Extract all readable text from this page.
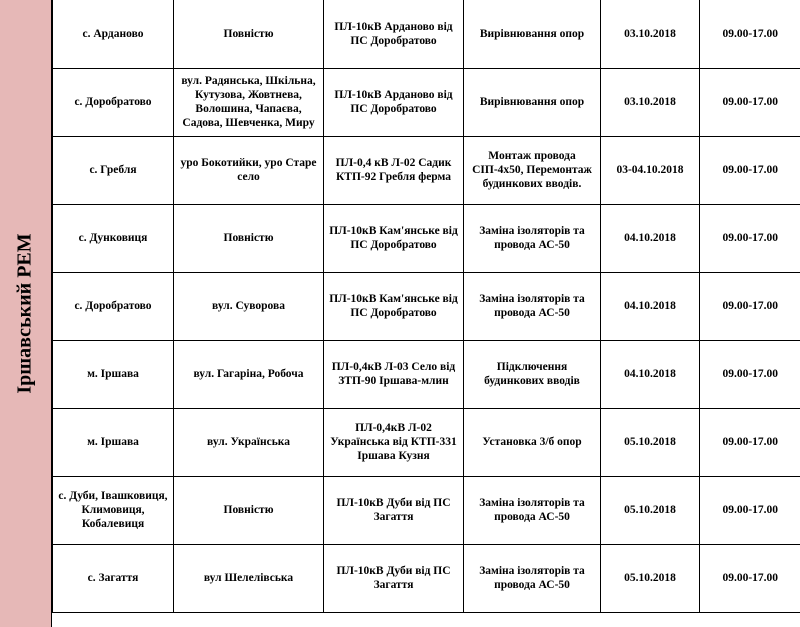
Іршавський РЕМ
с. Арданово	Повністю	ПЛ-10кВ Арданово від ПС Доробратово	Вирівнювання опор	03.10.2018	09.00-17.00
с. Доробратово	вул. Радянська, Шкільна, Кутузова, Жовтнева, Волошина, Чапаєва, Садова, Шевченка, Миру	ПЛ-10кВ Арданово від ПС Доробратово	Вирівнювання опор	03.10.2018	09.00-17.00
с. Гребля	уро Бокотийки, уро Старе село	ПЛ-0,4 кВ Л-02 Садик КТП-92 Гребля ферма	Монтаж провода СІП-4х50, Перемонтаж будинкових вводів.	03-04.10.2018	09.00-17.00
с. Дунковиця	Повністю	ПЛ-10кВ Кам'янське від ПС Доробратово	Заміна ізоляторів та провода АС-50	04.10.2018	09.00-17.00
с. Доробратово	вул. Суворова	ПЛ-10кВ Кам'янське від ПС Доробратово	Заміна ізоляторів та провода АС-50	04.10.2018	09.00-17.00
м. Іршава	вул. Гагаріна, Робоча	ПЛ-0,4кВ Л-03 Село від ЗТП-90 Іршава-млин	Підключення будинкових вводів	04.10.2018	09.00-17.00
м. Іршава	вул. Українська	ПЛ-0,4кВ Л-02 Українська від КТП-331 Іршава Кузня	Установка 3/б опор	05.10.2018	09.00-17.00
с. Дуби, Івашковиця, Климовиця, Кобалевиця	Повністю	ПЛ-10кВ Дуби від ПС Загаття	Заміна ізоляторів та провода АС-50	05.10.2018	09.00-17.00
с. Загаття	вул Шелелівська	ПЛ-10кВ Дуби від ПС Загаття	Заміна ізоляторів та провода АС-50	05.10.2018	09.00-17.00
